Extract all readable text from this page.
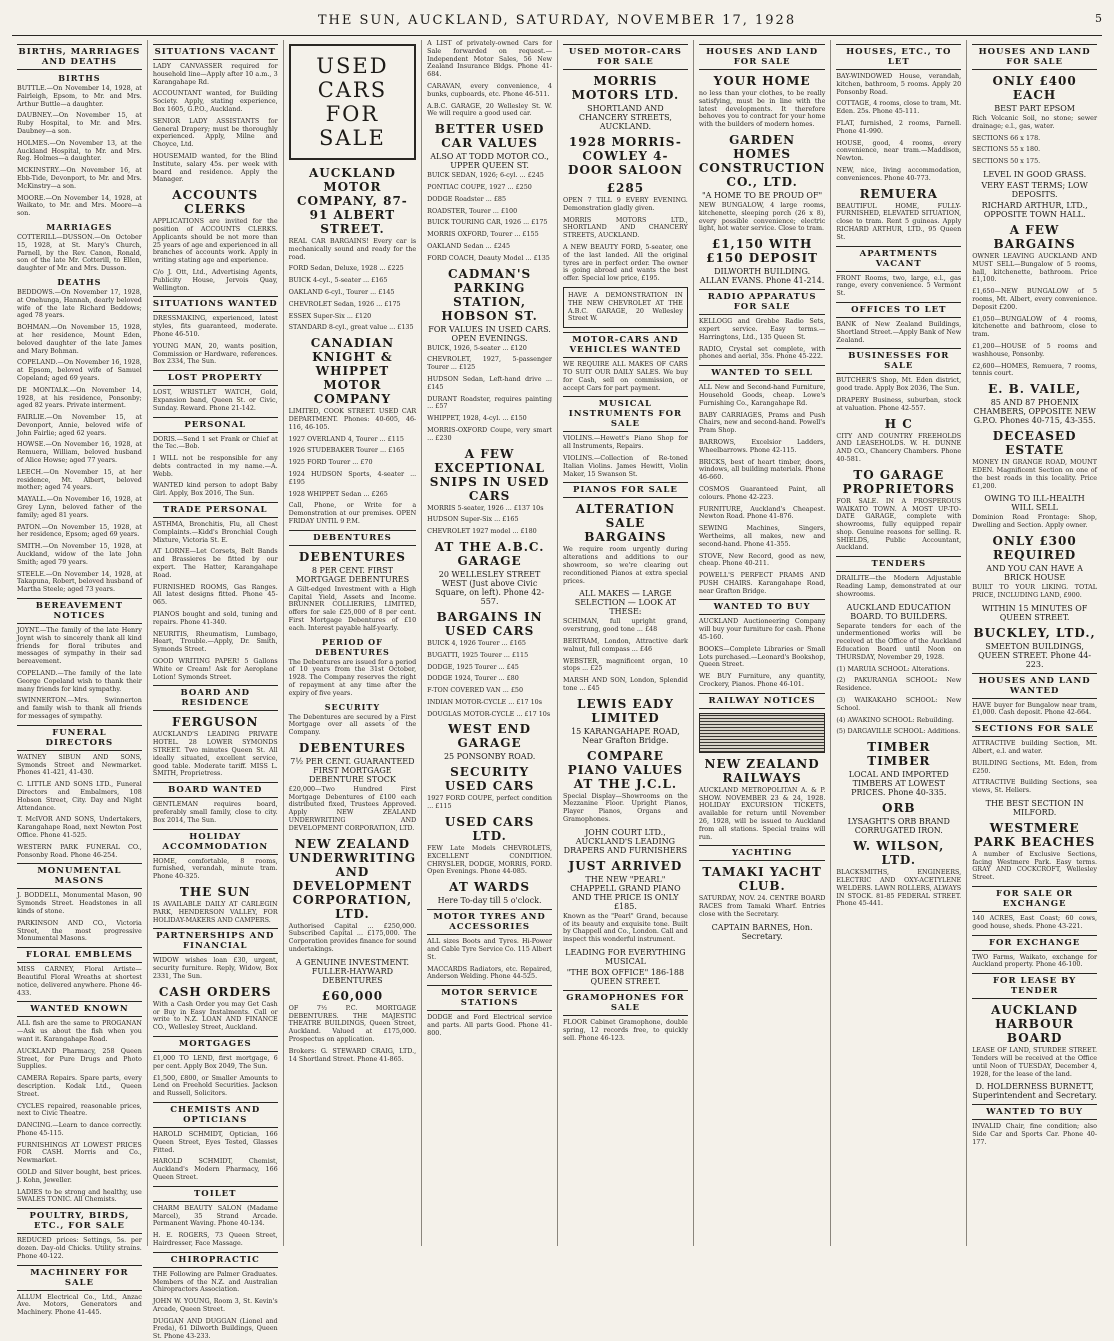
THE SUN, AUCKLAND, SATURDAY, NOVEMBER 17, 1928	5
BIRTHS, MARRIAGES AND DEATHS
BIRTHS

BUTTLE.—On November 14, 1928, at Fairleigh, Epsom, to Mr. and Mrs. Arthur Buttle—a daughter.

DAUBNEY.—On November 15, at Ruby Hospital, to Mr. and Mrs. Daubney—a son.

HOLMES.—On November 13, at the Auckland Hospital, to Mr. and Mrs. Reg. Holmes—a daughter.

MCKINSTRY.—On November 16, at Ebb-Tide, Devonport, to Mr. and Mrs. McKinstry—a son.

MOORE.—On November 14, 1928, at Waikato, to Mr. and Mrs. Moore—a son.

MARRIAGES

COTTERILL—DUSSON.—On October 15, 1928, at St. Mary's Church, Parnell, by the Rev. Canon, Ronald, son of the late Mr. Cotterill, to Ellen, daughter of Mr. and Mrs. Dusson.

DEATHS

BEDDOWS.—On November 17, 1928, at Onehunga, Hannah, dearly beloved wife of the late Richard Beddows; aged 78 years.

BOHMAN.—On November 15, 1928, at her residence, Mount Eden, beloved daughter of the late James and Mary Bohman.

COPELAND.—On November 16, 1928, at Epsom, beloved wife of Samuel Copeland; aged 69 years.

DE MONTALK.—On November 14, 1928, at his residence, Ponsonby; aged 82 years. Private interment.

FAIRLIE.—On November 15, at Devonport, Annie, beloved wife of John Fairlie; aged 62 years.

HOWSE.—On November 16, 1928, at Remuera, William, beloved husband of Alice Howse; aged 77 years.

LEECH.—On November 15, at her residence, Mt. Albert, beloved mother; aged 74 years.

MAYALL.—On November 16, 1928, at Grey Lynn, beloved father of the family; aged 81 years.

PATON.—On November 15, 1928, at her residence, Epsom; aged 69 years.

SMITH.—On November 15, 1928, at Auckland, widow of the late John Smith; aged 79 years.

STEELE.—On November 14, 1928, at Takapuna, Robert, beloved husband of Martha Steele; aged 73 years.

BEREAVEMENT NOTICES

JOYNT.—The family of the late Henry Joynt wish to sincerely thank all kind friends for floral tributes and messages of sympathy in their sad bereavement.

COPELAND.—The family of the late George Copeland wish to thank their many friends for kind sympathy.

SWINNERTON.—Mrs. Swinnerton and family wish to thank all friends for messages of sympathy.

FUNERAL DIRECTORS

WATNEY SIBUN AND SONS, Symonds Street and Newmarket. Phones 41-421, 41-430.

C. LITTLE AND SONS LTD., Funeral Directors and Embalmers, 108 Hobson Street, City. Day and Night Attendance.

T. McIVOR AND SONS, Undertakers, Karangahape Road, next Newton Post Office. Phone 41-525.

WESTERN PARK FUNERAL CO., Ponsonby Road. Phone 46-254.

MONUMENTAL MASONS

J. BODDELL, Monumental Mason, 90 Symonds Street. Headstones in all kinds of stone.

PARKINSON AND CO., Victoria Street, the most progressive Monumental Masons.

FLORAL EMBLEMS

MISS CARNEY, Floral Artiste—Beautiful Floral Wreaths at shortest notice, delivered anywhere. Phone 46-433.

WANTED KNOWN

ALL fish are the same to PROGANAN—Ask us about the fish when you want it. Karangahape Road.

AUCKLAND Pharmacy, 258 Queen Street, for Pure Drugs and Photo Supplies.

CAMERA Repairs. Spare parts, every description. Kodak Ltd., Queen Street.

CYCLES repaired, reasonable prices, next to Civic Theatre.

DANCING.—Learn to dance correctly. Phone 45-115.

FURNISHINGS AT LOWEST PRICES FOR CASH. Morris and Co., Newmarket.

GOLD and Silver bought, best prices. J. Kohn, Jeweller.

LADIES to be strong and healthy, use SWALES TONIC. All Chemists.

POULTRY, BIRDS, ETC., FOR SALE

REDUCED prices: Settings, 5s. per dozen. Day-old Chicks. Utility strains. Phone 40-122.

MACHINERY FOR SALE

ALLUM Electrical Co., Ltd., Anzac Ave. Motors, Generators and Machinery. Phone 41-445.

SITUATIONS VACANT

LADY CANVASSER required for household line—Apply after 10 a.m., 3 Karangahape Rd.

ACCOUNTANT wanted, for Building Society. Apply, stating experience, Box 1605, G.P.O., Auckland.

SENIOR LADY ASSISTANTS for General Drapery; must be thoroughly experienced. Apply, Milne and Choyce, Ltd.

HOUSEMAID wanted, for the Blind Institute, salary 45s. per week with board and residence. Apply the Manager.

ACCOUNTS CLERKS
APPLICATIONS are invited for the position of ACCOUNTS CLERKS. Applicants should be not more than 25 years of age and experienced in all branches of accounts work. Apply in writing stating age and experience.
C/o J. Ott, Ltd., Advertising Agents, Publicity House, Jervois Quay, Wellington.
SITUATIONS WANTED

DRESSMAKING, experienced, latest styles, fits guaranteed, moderate. Phone 46-510.

YOUNG MAN, 20, wants position, Commission or Hardware, references. Box 2334, The Sun.

LOST PROPERTY

LOST, WRISTLET WATCH, Gold, Expansion band, Queen St. or Civic, Sunday. Reward. Phone 21-142.

PERSONAL

DORIS.—Send 1 set Frank or Chief at the Tec.—Bob.

I WILL not be responsible for any debts contracted in my name.—A. Webb.

WANTED kind person to adopt Baby Girl. Apply, Box 2016, The Sun.

TRADE PERSONAL

ASTHMA, Bronchitis, Flu, all Chest Complaints.—Kidd's Bronchial Cough Mixture, Victoria St. E.

AT LORNE—Let Corsets, Belt Bands and Brassieres be fitted by our expert. The Hatter, Karangahape Road.

FURNISHED ROOMS, Gas Ranges. All latest designs fitted. Phone 45-065.

PIANOS bought and sold, tuning and repairs. Phone 41-340.

NEURITIS, Rheumatism, Lumbago, Heart, Trouble.—Apply, Dr. Smith, Symonds Street.

GOOD WRITING PAPER! 5 Gallons White or Cream! Ask for Aeroplane Lotion! Symonds Street.

BOARD AND RESIDENCE
FERGUSON
AUCKLAND'S LEADING PRIVATE HOTEL. 28 LOWER SYMONDS STREET. Two minutes Queen St. All ideally situated, excellent service, good table. Moderate tariff. MISS L. SMITH, Proprietress.
BOARD WANTED
GENTLEMAN requires board, preferably small family, close to city. Box 2014, The Sun.
HOLIDAY ACCOMMODATION
HOME, comfortable, 8 rooms, furnished, verandah, minute tram. Phone 40-325.
THE SUN
IS AVAILABLE DAILY AT CARLEGIN PARK, HENDERSON VALLEY, FOR HOLIDAY-MAKERS AND CAMPERS.
PARTNERSHIPS AND FINANCIAL
WIDOW wishes loan £30, urgent, security furniture. Reply, Widow, Box 2331, The Sun.
CASH ORDERS
With a Cash Order you may Get Cash or Buy in Easy Instalments. Call or write to N.Z. LOAN AND FINANCE CO., Wellesley Street, Auckland.
MORTGAGES

£1,000 TO LEND, first mortgage, 6 per cent. Apply Box 2049, The Sun.

£1,500, £800, or Smaller Amounts to Lend on Freehold Securities. Jackson and Russell, Solicitors.

CHEMISTS AND OPTICIANS

HAROLD SCHMIDT, Optician, 166 Queen Street, Eyes Tested, Glasses Fitted.

HAROLD SCHMIDT, Chemist, Auckland's Modern Pharmacy, 166 Queen Street.

TOILET

CHARM BEAUTY SALON (Madame Marcel), 35 Strand Arcade. Permanent Waving. Phone 40-134.

H. E. ROGERS, 73 Queen Street, Hairdresser, Face Massage.

CHIROPRACTIC

THE Following are Palmer Graduates. Members of the N.Z. and Australian Chiropractors Association.

JOHN W. YOUNG, Room 3, St. Kevin's Arcade, Queen Street.

DUGGAN AND DUGGAN (Lionel and Freda), 61 Dilworth Buildings, Queen St. Phone 43-233.

USED CARS FOR SALE
AUCKLAND MOTOR COMPANY, 87-91 ALBERT STREET.
REAL CAR BARGAINS! Every car is mechanically sound and ready for the road.

FORD Sedan, Deluxe, 1928 ... £225

BUICK 4-cyl., 5-seater ... £165

OAKLAND 6-cyl., Tourer ... £145

CHEVROLET Sedan, 1926 ... £175

ESSEX Super-Six ... £120

STANDARD 8-cyl., great value ... £135

CANADIAN KNIGHT & WHIPPET MOTOR COMPANY
LIMITED, COOK STREET. USED CAR DEPARTMENT. Phones: 40-605, 46-116, 46-105.

1927 OVERLAND 4, Tourer ... £115

1926 STUDEBAKER Tourer ... £165

1925 FORD Tourer ... £70

1924 HUDSON Sports, 4-seater ... £195

1928 WHIPPET Sedan ... £265

Call, Phone, or Write for a Demonstration at our premises. OPEN FRIDAY UNTIL 9 P.M.
DEBENTURES
DEBENTURES
8 PER CENT. FIRST MORTGAGE DEBENTURES
A Gilt-edged Investment with a High Capital Yield, Assets and Income. BRUNNER COLLIERIES, LIMITED, offers for sale £25,000 of 8 per cent. First Mortgage Debentures of £10 each. Interest payable half-yearly.
PERIOD OF DEBENTURES
The Debentures are issued for a period of 10 years from the 31st October, 1928. The Company reserves the right of repayment at any time after the expiry of five years.
SECURITY
The Debentures are secured by a First Mortgage over all assets of the Company.
DEBENTURES
7½ PER CENT. GUARANTEED FIRST MORTGAGE DEBENTURE STOCK
£20,000—Two Hundred First Mortgage Debentures of £100 each distributed fixed, Trustees Approved. Apply NEW ZEALAND UNDERWRITING AND DEVELOPMENT CORPORATION, LTD.
NEW ZEALAND UNDERWRITING AND DEVELOPMENT CORPORATION, LTD.
Authorised Capital ... £250,000. Subscribed Capital ... £175,000. The Corporation provides finance for sound undertakings.
A GENUINE INVESTMENT. FULLER-HAYWARD DEBENTURES
£60,000
OF 7½ P.C. MORTGAGE DEBENTURES. THE MAJESTIC THEATRE BUILDINGS, Queen Street, Auckland. Valued at £175,000. Prospectus on application.
Brokers: G. STEWARD CRAIG, LTD., 14 Shortland Street. Phone 41-865.
A LIST of privately-owned Cars for Sale forwarded on request.—Independent Motor Sales, 56 New Zealand Insurance Bldgs. Phone 41-684.

CARAVAN, every convenience, 4 bunks, cupboards, etc. Phone 46-511.

A.B.C. GARAGE, 20 Wellesley St. W. We will require a good used car.

BETTER USED CAR VALUES
ALSO AT TODD MOTOR CO., UPPER QUEEN ST.

BUICK SEDAN, 1926; 6-cyl. ... £245

PONTIAC COUPE, 1927 ... £250

DODGE Roadster ... £85

ROADSTER, Tourer ... £100

BUICK TOURING CAR, 1926 ... £175

MORRIS OXFORD, Tourer ... £155

OAKLAND Sedan ... £245

FORD COACH, Deauty Model ... £135

CADMAN'S PARKING STATION, HOBSON ST.
FOR VALUES IN USED CARS. OPEN EVENINGS.

BUICK, 1926, 5-seater ... £120

CHEVROLET, 1927, 5-passenger Tourer ... £125

HUDSON Sedan, Left-hand drive ... £145

DURANT Roadster, requires painting ... £57

WHIPPET, 1928, 4-cyl. ... £150

MORRIS-OXFORD Coupe, very smart ... £230

A FEW EXCEPTIONAL SNIPS IN USED CARS

MORRIS 5-seater, 1926 ... £137 10s

HUDSON Super-Six ... £165

CHEVROLET 1927 model ... £180

AT THE A.B.C. GARAGE
20 WELLESLEY STREET WEST (Just above Civic Square, on left). Phone 42-557.
BARGAINS IN USED CARS

BUICK 4, 1926 Tourer ... £165

BUGATTI, 1925 Tourer ... £115

DODGE, 1925 Tourer ... £45

DODGE 1924, Tourer ... £80

F-TON COVERED VAN ... £50

INDIAN MOTOR-CYCLE ... £17 10s

DOUGLAS MOTOR-CYCLE ... £17 10s

WEST END GARAGE
25 PONSONBY ROAD.
SECURITY USED CARS
1927 FORD COUPE, perfect condition ... £115
USED CARS LTD.
FEW Late Models CHEVROLETS, EXCELLENT CONDITION. CHRYSLER, DODGE, MORRIS, FORD. Open Evenings. Phone 44-085.
AT WARDS
Here To-day till 5 o'clock.
MOTOR TYRES AND ACCESSORIES

ALL sizes Boots and Tyres. Hi-Power and Cable Tyre Service Co. 115 Albert St.

MACCARDS Radiators, etc. Repaired, Anderson Welding. Phone 44-525.

MOTOR SERVICE STATIONS
DODGE and Ford Electrical service and parts. All parts Good. Phone 41-800.
USED MOTOR-CARS FOR SALE
MORRIS MOTORS LTD.
SHORTLAND AND CHANCERY STREETS, AUCKLAND.
1928 MORRIS-COWLEY 4-DOOR SALOON
£285
OPEN 7 TILL 9 EVERY EVENING. Demonstration gladly given.
MORRIS MOTORS LTD., SHORTLAND AND CHANCERY STREETS, AUCKLAND.
A NEW BEAUTY FORD, 5-seater, one of the last landed. All the original tyres are in perfect order. The owner is going abroad and wants the best offer. Special low price, £195.
HAVE A DEMONSTRATION IN THE NEW CHEVROLET AT THE A.B.C. GARAGE, 20 Wellesley Street W.
MOTOR-CARS AND VEHICLES WANTED
WE REQUIRE ALL MAKES OF CARS TO SUIT OUR DAILY SALES. We buy for Cash, sell on commission, or accept Cars for part payment.
MUSICAL INSTRUMENTS FOR SALE

VIOLINS.—Hewett's Piano Shop for all Instruments, Repairs.

VIOLINS.—Collection of Re-toned Italian Violins. James Hewitt, Violin Maker, 15 Swanson St.

PIANOS FOR SALE
ALTERATION SALE BARGAINS
We require room urgently during alterations and additions to our showroom, so we're clearing out reconditioned Pianos at extra special prices.
ALL MAKES — LARGE SELECTION — LOOK AT THESE:

SCHIMAN, full upright grand, overstrung, good tone ... £48

BERTRAM, London, Attractive dark walnut, full compass ... £46

WEBSTER, magnificent organ, 10 stops ... £25

MARSH AND SON, London, Splendid tone ... £45

LEWIS EADY LIMITED
15 KARANGAHAPE ROAD, Near Grafton Bridge.
COMPARE PIANO VALUES AT THE J.C.L.
Special Display—Showrooms on the Mezzanine Floor. Upright Pianos, Player Pianos, Organs and Gramophones.
JOHN COURT LTD., AUCKLAND'S LEADING DRAPERS AND FURNISHERS
JUST ARRIVED
THE NEW "PEARL" CHAPPELL GRAND PIANO AND THE PRICE IS ONLY £185.
Known as the "Pearl" Grand, because of its beauty and exquisite tone. Built by Chappell and Co., London. Call and inspect this wonderful instrument.
LEADING FOR EVERYTHING MUSICAL
"THE BOX OFFICE" 186-188 QUEEN STREET.
GRAMOPHONES FOR SALE
FLOOR Cabinet Gramophone, double spring, 12 records free, to quickly sell. Phone 46-123.
HOUSES AND LAND FOR SALE
YOUR HOME
no less than your clothes, to be really satisfying, must be in line with the latest developments. It therefore behoves you to contract for your home with the builders of modern homes.
GARDEN HOMES CONSTRUCTION CO., LTD.
"A HOME TO BE PROUD OF"
NEW BUNGALOW, 4 large rooms, kitchenette, sleeping porch (26 x 8), every possible convenience; electric light, hot water service. Close to tram.
£1,150 WITH £150 DEPOSIT
DILWORTH BUILDING. ALLAN EVANS. Phone 41-214.
RADIO APPARATUS FOR SALE

KELLOGG and Grebbe Radio Sets, expert service. Easy terms.—Harringtons, Ltd., 135 Queen St.

RADIO, Crystal set complete, with phones and aerial, 35s. Phone 45-222.

WANTED TO SELL

ALL New and Second-hand Furniture, Household Goods, cheap. Lowe's Furnishing Co., Karangahape Rd.

BABY CARRIAGES, Prams and Push Chairs, new and second-hand. Powell's Pram Shop.

BARROWS, Excelsior Ladders, Wheelbarrows. Phone 42-115.

BRICKS, best of heart timber, doors, windows, all building materials. Phone 46-660.

COSMOS Guaranteed Paint, all colours. Phone 42-223.

FURNITURE, Auckland's Cheapest. Newton Road. Phone 41-876.

SEWING Machines, Singers, Wertheims, all makes, new and second-hand. Phone 41-355.

STOVE, New Record, good as new, cheap. Phone 40-211.

POWELL'S PERFECT PRAMS AND PUSH CHAIRS. Karangahape Road, near Grafton Bridge.
WANTED TO BUY

AUCKLAND Auctioneering Company will buy your furniture for cash. Phone 45-160.

BOOKS—Complete Libraries or Small Lots purchased.—Leonard's Bookshop, Queen Street.

WE BUY Furniture, any quantity, Crockery, Pianos. Phone 46-101.

RAILWAY NOTICES
NEW ZEALAND RAILWAYS
AUCKLAND METROPOLITAN A. & P. SHOW. NOVEMBER 23 & 24, 1928. HOLIDAY EXCURSION TICKETS, available for return until November 26, 1928, will be issued to Auckland from all stations. Special trains will run.
YACHTING
TAMAKI YACHT CLUB.
SATURDAY, NOV. 24. CENTRE BOARD RACES from Tamaki Wharf. Entries close with the Secretary.
CAPTAIN BARNES, Hon. Secretary.
HOUSES, ETC., TO LET

BAY-WINDOWED House, verandah, kitchen, bathroom, 5 rooms. Apply 20 Ponsonby Road.

COTTAGE, 4 rooms, close to tram, Mt. Eden. 25s. Phone 45-111.

FLAT, furnished, 2 rooms, Parnell. Phone 41-990.

HOUSE, good, 4 rooms, every convenience, near tram.—Maddison, Newton.

NEW, nice, living accommodation, conveniences. Phone 40-773.

REMUERA
BEAUTIFUL HOME, FULLY-FURNISHED, ELEVATED SITUATION, close to tram. Rent 5 guineas. Apply RICHARD ARTHUR, LTD., 95 Queen St.
APARTMENTS VACANT
FRONT Rooms, two, large, e.l., gas range, every convenience. 5 Vermont St.
OFFICES TO LET
BANK of New Zealand Buildings, Shortland Street.—Apply Bank of New Zealand.
BUSINESSES FOR SALE

BUTCHER'S Shop, Mt. Eden district, good trade. Apply Box 2036, The Sun.

DRAPERY Business, suburban, stock at valuation. Phone 42-557.

H C
CITY AND COUNTRY FREEHOLDS AND LEASEHOLDS. W. H. DUNNE AND CO., Chancery Chambers. Phone 40-581.
TO GARAGE PROPRIETORS
FOR SALE. IN A PROSPEROUS WAIKATO TOWN. A MOST UP-TO-DATE GARAGE, complete with showrooms, fully equipped repair shop. Genuine reasons for selling. R. SHIELDS, Public Accountant, Auckland.
TENDERS
DRAILITE—the Modern Adjustable Reading Lamp, demonstrated at our showrooms.
AUCKLAND EDUCATION BOARD. TO BUILDERS.
Separate tenders for each of the undermentioned works will be received at the Office of the Auckland Education Board until Noon on THURSDAY, November 29, 1928.

(1) MARUIA SCHOOL: Alterations.

(2) PAKURANGA SCHOOL: New Residence.

(3) WAIKAKAHO SCHOOL: New School.

(4) AWAKINO SCHOOL: Rebuilding.

(5) DARGAVILLE SCHOOL: Additions.

TIMBER TIMBER
LOCAL AND IMPORTED TIMBERS AT LOWEST PRICES. Phone 40-335.
ORB
LYSAGHT'S ORB BRAND CORRUGATED IRON.
W. WILSON, LTD.
BLACKSMITHS, ENGINEERS, ELECTRIC AND OXY-ACETYLENE WELDERS. LAWN ROLLERS, ALWAYS IN STOCK. 81-85 FEDERAL STREET. Phone 45-441.
HOUSES AND LAND FOR SALE
ONLY £400 EACH
BEST PART EPSOM
Rich Volcanic Soil, no stone; sewer drainage; e.l., gas, water.

SECTIONS 66 x 178.

SECTIONS 55 x 180.

SECTIONS 50 x 175.

LEVEL IN GOOD GRASS.
VERY EAST TERMS; LOW DEPOSITS.
RICHARD ARTHUR, LTD., OPPOSITE TOWN HALL.
A FEW BARGAINS

OWNER LEAVING AUCKLAND AND MUST SELL—Bungalow of 5 rooms, hall, kitchenette, bathroom. Price £1,100.

£1,650—NEW BUNGALOW of 5 rooms, Mt. Albert, every convenience. Deposit £200.

£1,050—BUNGALOW of 4 rooms, kitchenette and bathroom, close to tram.

£1,200—HOUSE of 5 rooms and washhouse, Ponsonby.

£2,600—HOMES, Remuera, 7 rooms, tennis court.

E. B. VAILE,
85 AND 87 PHOENIX CHAMBERS, OPPOSITE NEW G.P.O. Phones 40-715, 43-355.
DECEASED ESTATE
MONEY IN GRANGE ROAD, MOUNT EDEN. Magnificent Section on one of the best roads in this locality. Price £1,200.
OWING TO ILL-HEALTH WILL SELL
Dominion Road Frontage: Shop, Dwelling and Section. Apply owner.
ONLY £300 REQUIRED
AND YOU CAN HAVE A BRICK HOUSE
BUILT TO YOUR LIKING. TOTAL PRICE, INCLUDING LAND, £900.
WITHIN 15 MINUTES OF QUEEN STREET.
BUCKLEY, LTD.,
SMEETON BUILDINGS, QUEEN STREET. Phone 44-223.
HOUSES AND LAND WANTED
HAVE buyer for Bungalow near tram, £1,000. Cash deposit. Phone 42-664.
SECTIONS FOR SALE

ATTRACTIVE building Section, Mt. Albert, e.l. and water.

BUILDING Sections, Mt. Eden, from £250.

ATTRACTIVE Building Sections, sea views, St. Heliers.

THE BEST SECTION IN MILFORD.
WESTMERE PARK BEACHES
A number of Exclusive Sections, facing Westmere Park. Easy terms. GRAY AND COCKCROFT, Wellesley Street.
FOR SALE OR EXCHANGE
140 ACRES, East Coast; 60 cows, good house, sheds. Phone 43-221.
FOR EXCHANGE
TWO Farms, Waikato, exchange for Auckland property. Phone 46-100.
FOR LEASE BY TENDER
AUCKLAND HARBOUR BOARD
LEASE OF LAND, STURDEE STREET. Tenders will be received at the Office until Noon of TUESDAY, December 4, 1928, for the lease of the land.
D. HOLDERNESS BURNETT, Superintendent and Secretary.
WANTED TO BUY
INVALID Chair, fine condition; also Side Car and Sports Car. Phone 40-177.
